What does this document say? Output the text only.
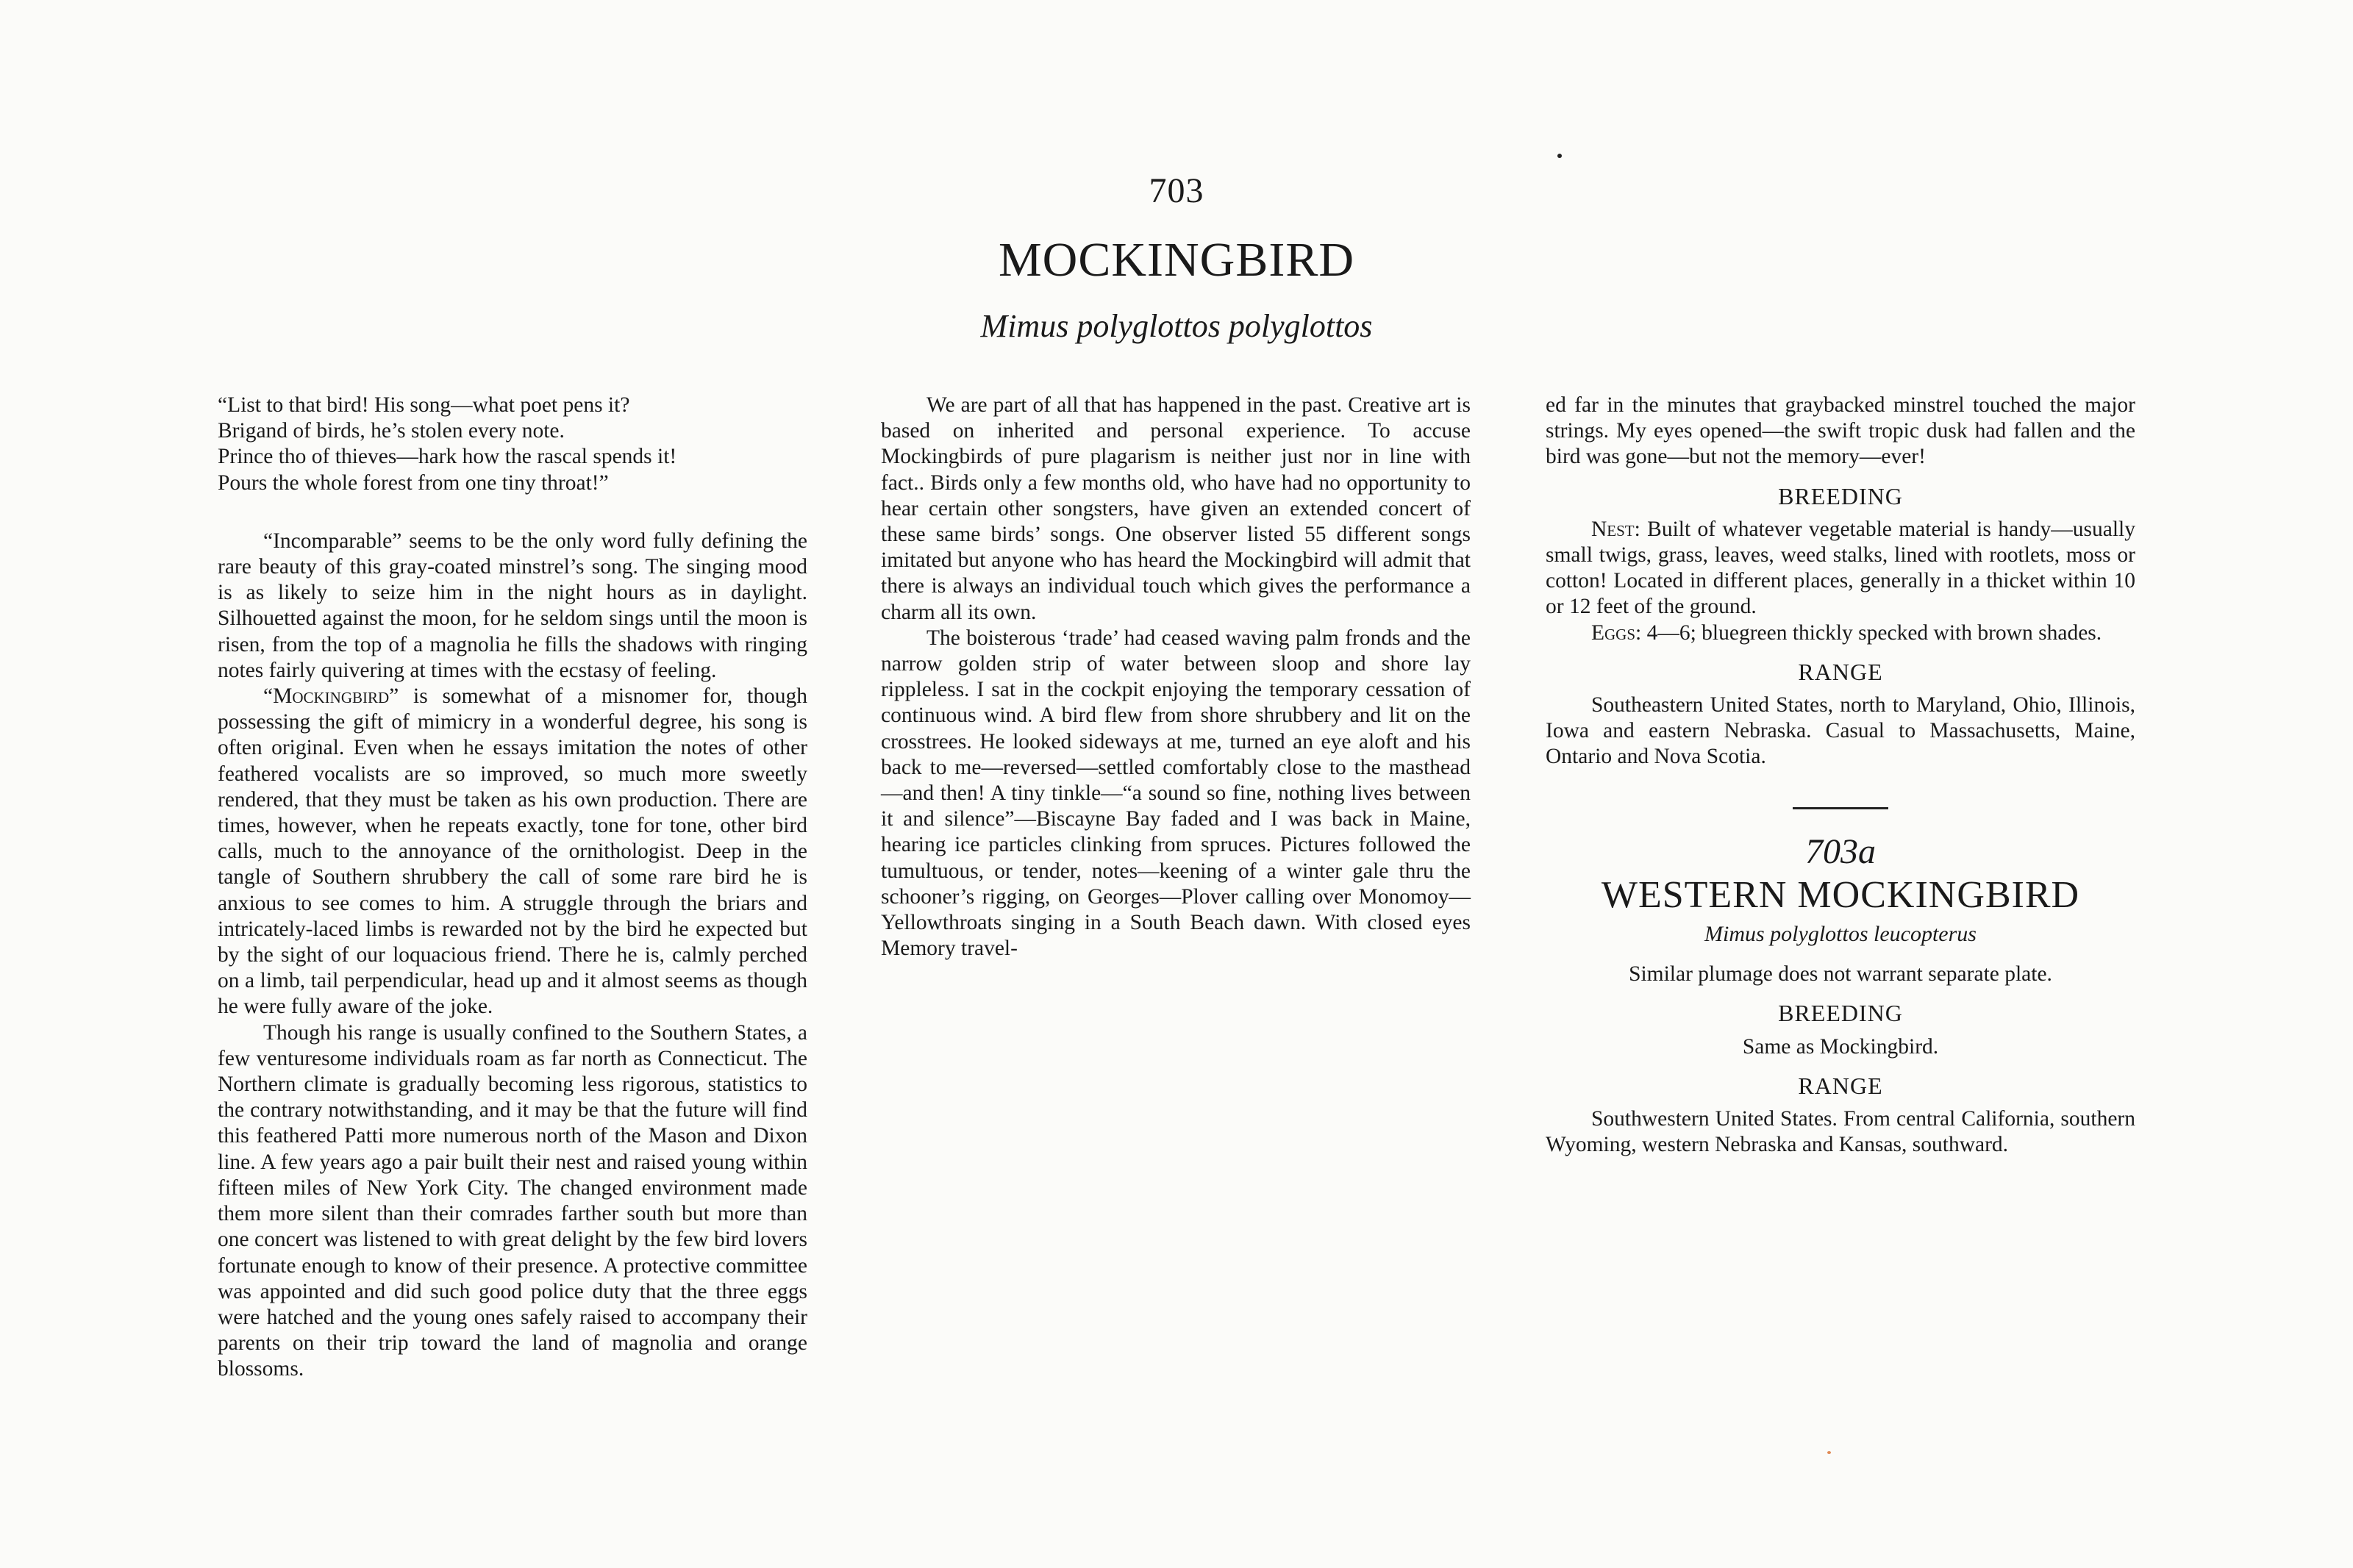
703
MOCKINGBIRD
Mimus polyglottos polyglottos
“List to that bird! His song—what poet pens it?
Brigand of birds, he’s stolen every note.
Prince tho of thieves—hark how the rascal spends it!
Pours the whole forest from one tiny throat!”

“Incomparable” seems to be the only word fully defining the rare beauty of this gray-coated minstrel’s song. The singing mood is as likely to seize him in the night hours as in daylight. Silhouetted against the moon, for he seldom sings until the moon is risen, from the top of a magnolia he fills the shadows with ringing notes fairly quivering at times with the ecstasy of feeling.

“Mockingbird” is somewhat of a misnomer for, though possessing the gift of mimicry in a wonderful degree, his song is often original. Even when he essays imitation the notes of other feathered vocalists are so improved, so much more sweetly rendered, that they must be taken as his own production. There are times, however, when he repeats exactly, tone for tone, other bird calls, much to the annoyance of the ornithologist. Deep in the tangle of Southern shrubbery the call of some rare bird he is anxious to see comes to him. A struggle through the briars and intricately-laced limbs is rewarded not by the bird he expected but by the sight of our loquacious friend. There he is, calmly perched on a limb, tail perpendicular, head up and it almost seems as though he were fully aware of the joke.

Though his range is usually confined to the Southern States, a few venturesome individuals roam as far north as Connecticut. The Northern climate is gradually becoming less rigorous, statistics to the contrary notwithstanding, and it may be that the future will find this feathered Patti more numerous north of the Mason and Dixon line. A few years ago a pair built their nest and raised young within fifteen miles of New York City. The changed environment made them more silent than their comrades farther south but more than one concert was listened to with great delight by the few bird lovers fortunate enough to know of their presence. A protective committee was appointed and did such good police duty that the three eggs were hatched and the young ones safely raised to accompany their parents on their trip toward the land of magnolia and orange blossoms.

We are part of all that has happened in the past. Creative art is based on inherited and personal experience. To accuse Mockingbirds of pure plagarism is neither just nor in line with fact.. Birds only a few months old, who have had no opportunity to hear certain other songsters, have given an extended concert of these same birds’ songs. One observer listed 55 different songs imitated but anyone who has heard the Mockingbird will admit that there is always an individual touch which gives the performance a charm all its own.

The boisterous ‘trade’ had ceased waving palm fronds and the narrow golden strip of water between sloop and shore lay rippleless. I sat in the cockpit enjoying the temporary cessation of continuous wind. A bird flew from shore shrubbery and lit on the crosstrees. He looked sideways at me, turned an eye aloft and his back to me—reversed—settled comfortably close to the masthead—and then! A tiny tinkle—“a sound so fine, nothing lives between it and silence”—Biscayne Bay faded and I was back in Maine, hearing ice particles clinking from spruces. Pictures followed the tumultuous, or tender, notes—keening of a winter gale thru the schooner’s rigging, on Georges—Plover calling over Monomoy—Yellowthroats singing in a South Beach dawn. With closed eyes Memory travel-

ed far in the minutes that graybacked minstrel touched the major strings. My eyes opened—the swift tropic dusk had fallen and the bird was gone—but not the memory—ever!

BREEDING

Nest: Built of whatever vegetable material is handy—usually small twigs, grass, leaves, weed stalks, lined with rootlets, moss or cotton! Located in different places, generally in a thicket within 10 or 12 feet of the ground.

Eggs: 4—6; bluegreen thickly specked with brown shades.

RANGE

Southeastern United States, north to Maryland, Ohio, Illinois, Iowa and eastern Nebraska. Casual to Massachusetts, Maine, Ontario and Nova Scotia.

703a
WESTERN MOCKINGBIRD
Mimus polyglottos leucopterus

Similar plumage does not warrant separate plate.

BREEDING

Same as Mockingbird.

RANGE

Southwestern United States. From central California, southern Wyoming, western Nebraska and Kansas, southward.
